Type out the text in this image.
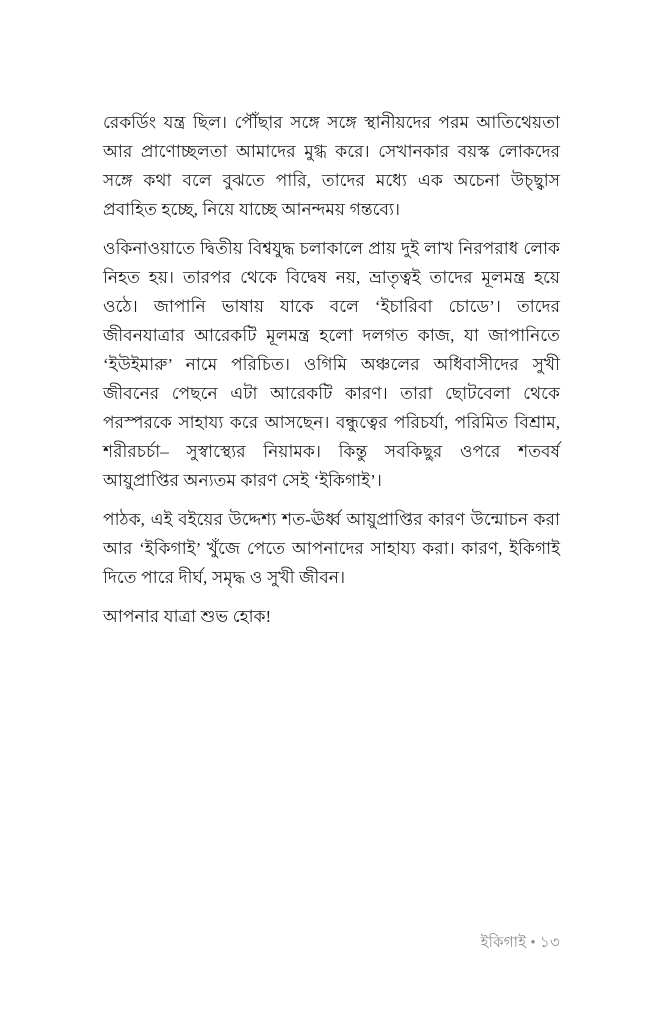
রেকর্ডিং যন্ত্র ছিল। পৌঁছার সঙ্গে সঙ্গে স্থানীয়দের পরম আতিথেয়তা আর প্রাণোচ্ছলতা আমাদের মুগ্ধ করে। সেখানকার বয়স্ক লোকদের সঙ্গে কথা বলে বুঝতে পারি, তাদের মধ্যে এক অচেনা উচ্ছ্বাস প্রবাহিত হচ্ছে, নিয়ে যাচ্ছে আনন্দময় গন্তব্যে।

ওকিনাওয়াতে দ্বিতীয় বিশ্বযুদ্ধ চলাকালে প্রায় দুই লাখ নিরপরাধ লোক নিহত হয়। তারপর থেকে বিদ্বেষ নয়, ভ্রাতৃত্বই তাদের মূলমন্ত্র হয়ে ওঠে। জাপানি ভাষায় যাকে বলে ‘ইচারিবা চোডে’। তাদের জীবনযাত্রার আরেকটি মূলমন্ত্র হলো দলগত কাজ, যা জাপানিতে ‘ইউইমারু’ নামে পরিচিত। ওগিমি অঞ্চলের অধিবাসীদের সুখী জীবনের পেছনে এটা আরেকটি কারণ। তারা ছোটবেলা থেকে পরস্পরকে সাহায্য করে আসছেন। বন্ধুত্বের পরিচর্যা, পরিমিত বিশ্রাম, শরীরচর্চা– সুস্বাস্থ্যের নিয়ামক। কিন্তু সবকিছুর ওপরে শতবর্ষ আয়ুপ্রাপ্তির অন্যতম কারণ সেই ‘ইকিগাই’।

পাঠক, এই বইয়ের উদ্দেশ্য শত-ঊর্ধ্ব আয়ুপ্রাপ্তির কারণ উন্মোচন করা আর ‘ইকিগাই’ খুঁজে পেতে আপনাদের সাহায্য করা। কারণ, ইকিগাই দিতে পারে দীর্ঘ, সমৃদ্ধ ও সুখী জীবন।

আপনার যাত্রা শুভ হোক!

ইকিগাই • ১৩
